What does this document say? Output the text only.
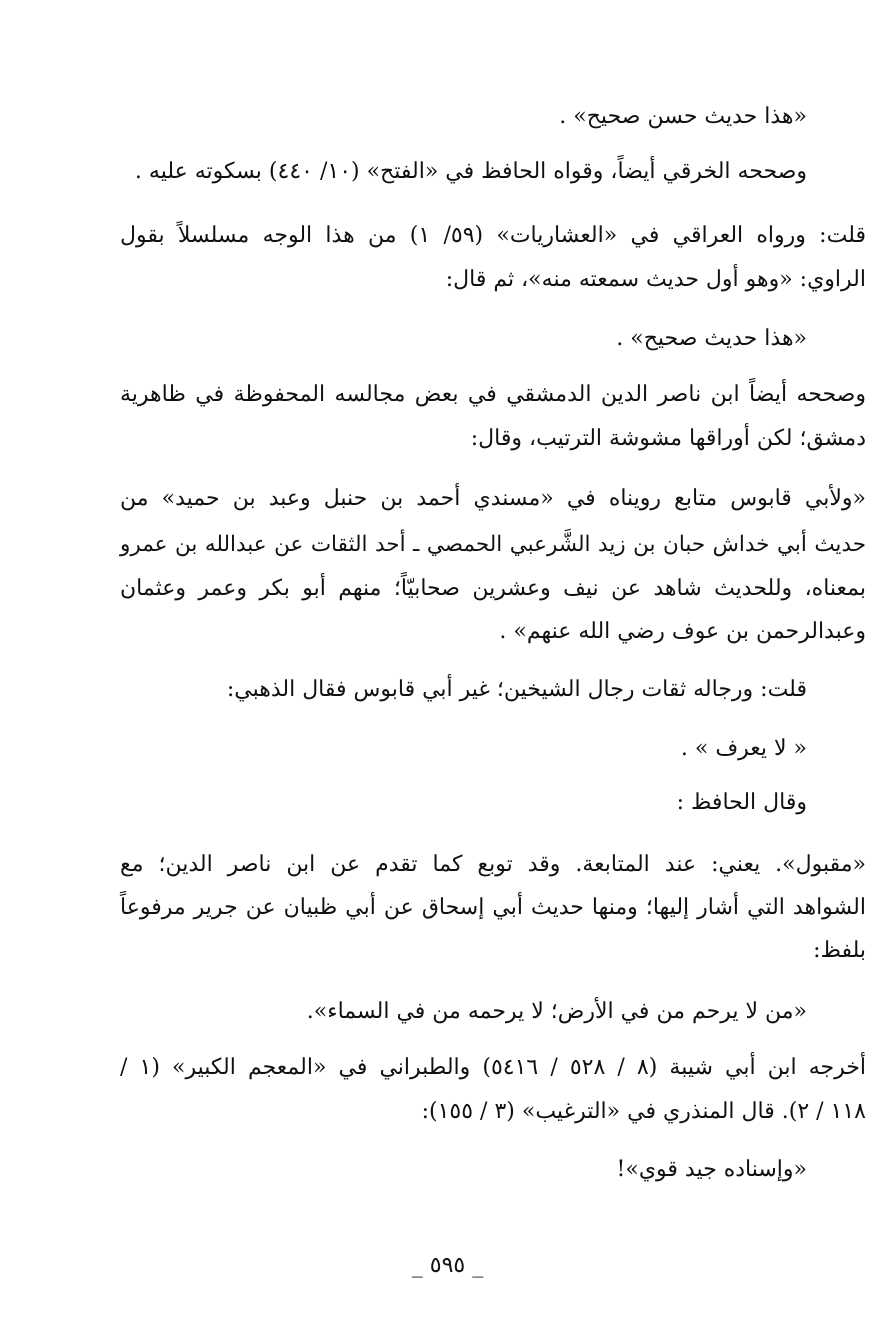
«هذا حديث حسن صحيح» .

وصححه الخرقي أيضاً، وقواه الحافظ في «الفتح» (١٠/ ٤٤٠) بسكوته عليه .

قلت: ورواه العراقي في «العشاريات» (٥٩/ ١) من هذا الوجه مسلسلاً بقول

الراوي: «وهو أول حديث سمعته منه»، ثم قال:

«هذا حديث صحيح» .

وصححه أيضاً ابن ناصر الدين الدمشقي في بعض مجالسه المحفوظة في ظاهرية

دمشق؛ لكن أوراقها مشوشة الترتيب، وقال:

«ولأبي قابوس متابع رويناه في «مسندي أحمد بن حنبل وعبد بن حميد» من

حديث أبي خداش حبان بن زيد الشَّرعبي الحمصي ـ أحد الثقات عن عبدالله بن عمرو

بمعناه، وللحديث شاهد عن نيف وعشرين صحابيّاً؛ منهم أبو بكر وعمر وعثمان

وعبدالرحمن بن عوف رضي الله عنهم» .

قلت: ورجاله ثقات رجال الشيخين؛ غير أبي قابوس فقال الذهبي:

« لا يعرف » .

وقال الحافظ :

«مقبول». يعني: عند المتابعة. وقد توبع كما تقدم عن ابن ناصر الدين؛ مع

الشواهد التي أشار إليها؛ ومنها حديث أبي إسحاق عن أبي ظبيان عن جرير مرفوعاً

بلفظ:

«من لا يرحم من في الأرض؛ لا يرحمه من في السماء».

أخرجه ابن أبي شيبة (٨ / ٥٢٨ / ٥٤١٦) والطبراني في «المعجم الكبير» (١ /

١١٨ / ٢). قال المنذري في «الترغيب» (٣ / ١٥٥):

«وإسناده جيد قوي»!

_ ٥٩٥ _
